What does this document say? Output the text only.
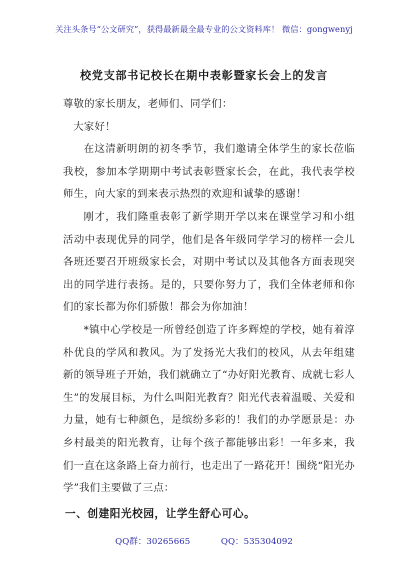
关注头条号“公文研究”，获得最新最全最专业的公文资料库！ 微信：gongwenyj
校党支部书记校长在期中表彰暨家长会上的发言

尊敬的家长朋友，老师们、同学们：

大家好！

在这清新明朗的初冬季节，我们邀请全体学生的家长莅临我校，参加本学期期中考试表彰暨家长会，在此，我代表学校师生，向大家的到来表示热烈的欢迎和诚挚的感谢！

刚才，我们隆重表彰了新学期开学以来在课堂学习和小组活动中表现优异的同学，他们是各年级同学学习的榜样一会儿各班还要召开班级家长会，对期中考试以及其他各方面表现突出的同学进行表扬。是的，只要你努力了，我们全体老师和你们的家长都为你们骄傲！都会为你加油！

*镇中心学校是一所曾经创造了许多辉煌的学校，她有着淳朴优良的学风和教风。为了发扬光大我们的校风，从去年组建新的领导班子开始，我们就确立了“办好阳光教育、成就七彩人生”的发展目标，为什么叫阳光教育？阳光代表着温暖、关爱和力量，她有七种颜色，是缤纷多彩的！我们的办学愿景是：办乡村最美的阳光教育，让每个孩子都能够出彩！一年多来，我们一直在这条路上奋力前行，也走出了一路花开！围绕“阳光办学”我们主要做了三点：

一、创建阳光校园，让学生舒心可心。
QQ群：30265665	QQ：535304092
